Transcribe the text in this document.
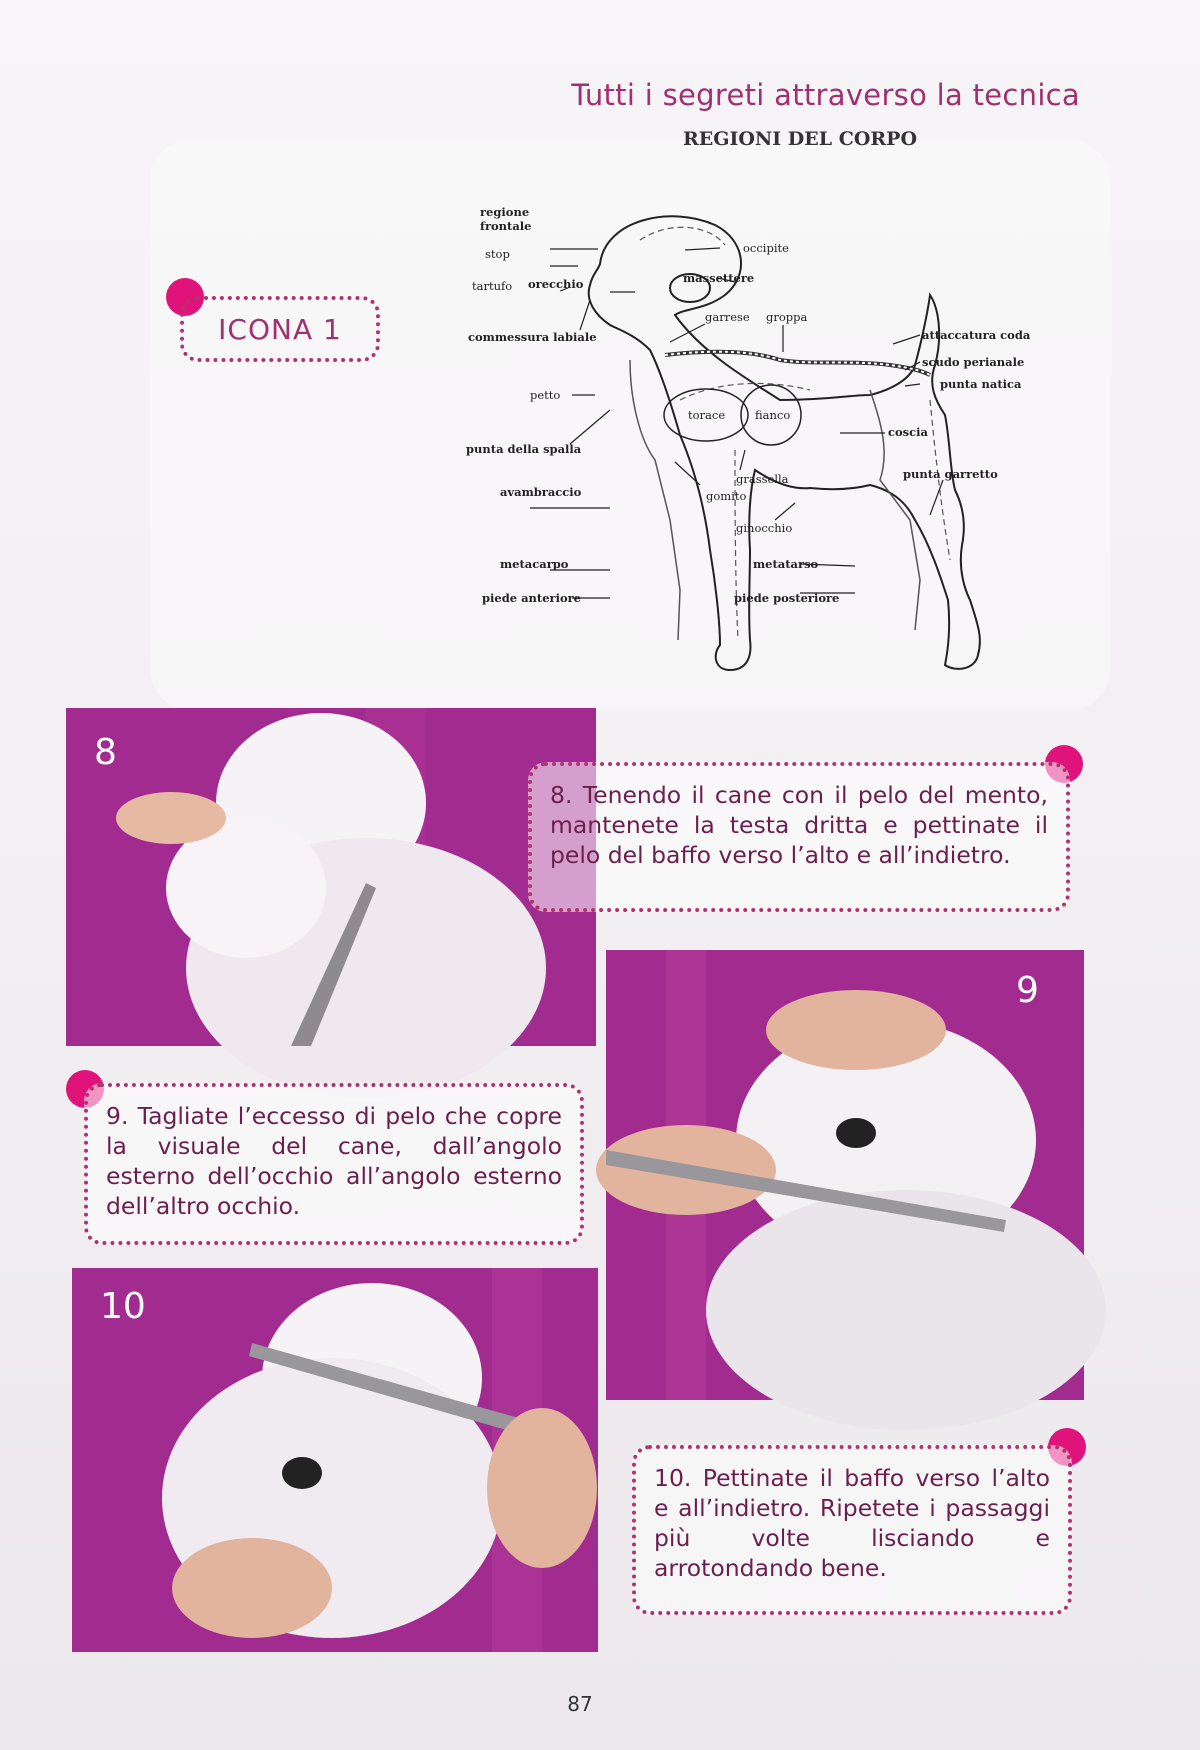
Tutti i segreti attraverso la tecnica
REGIONI DEL CORPO
ICONA 1
regione
frontale
stop
tartufo orecchio	massettere
occipite
commessura labiale
garrese groppa
attaccatura coda
scudo perianale
punta natica
petto
torace	fianco
coscia
punta della spalla
punta garretto
grassella
avambraccio	gomito
ginocchio
metacarpo	metatarso
piede anteriore	piede posteriore
8
8. Tenendo il cane con il pelo del mento, mantenete la testa dritta e pettinate il pelo del baffo verso l’alto e all’indietro.
9
9. Tagliate l’eccesso di pelo che copre la visuale del cane, dall’angolo esterno dell’occhio all’angolo esterno dell’altro occhio.
10
10. Pettinate il baffo verso l’alto e all’indietro. Ripetete i passaggi più volte lisciando e arrotondando bene.
87
